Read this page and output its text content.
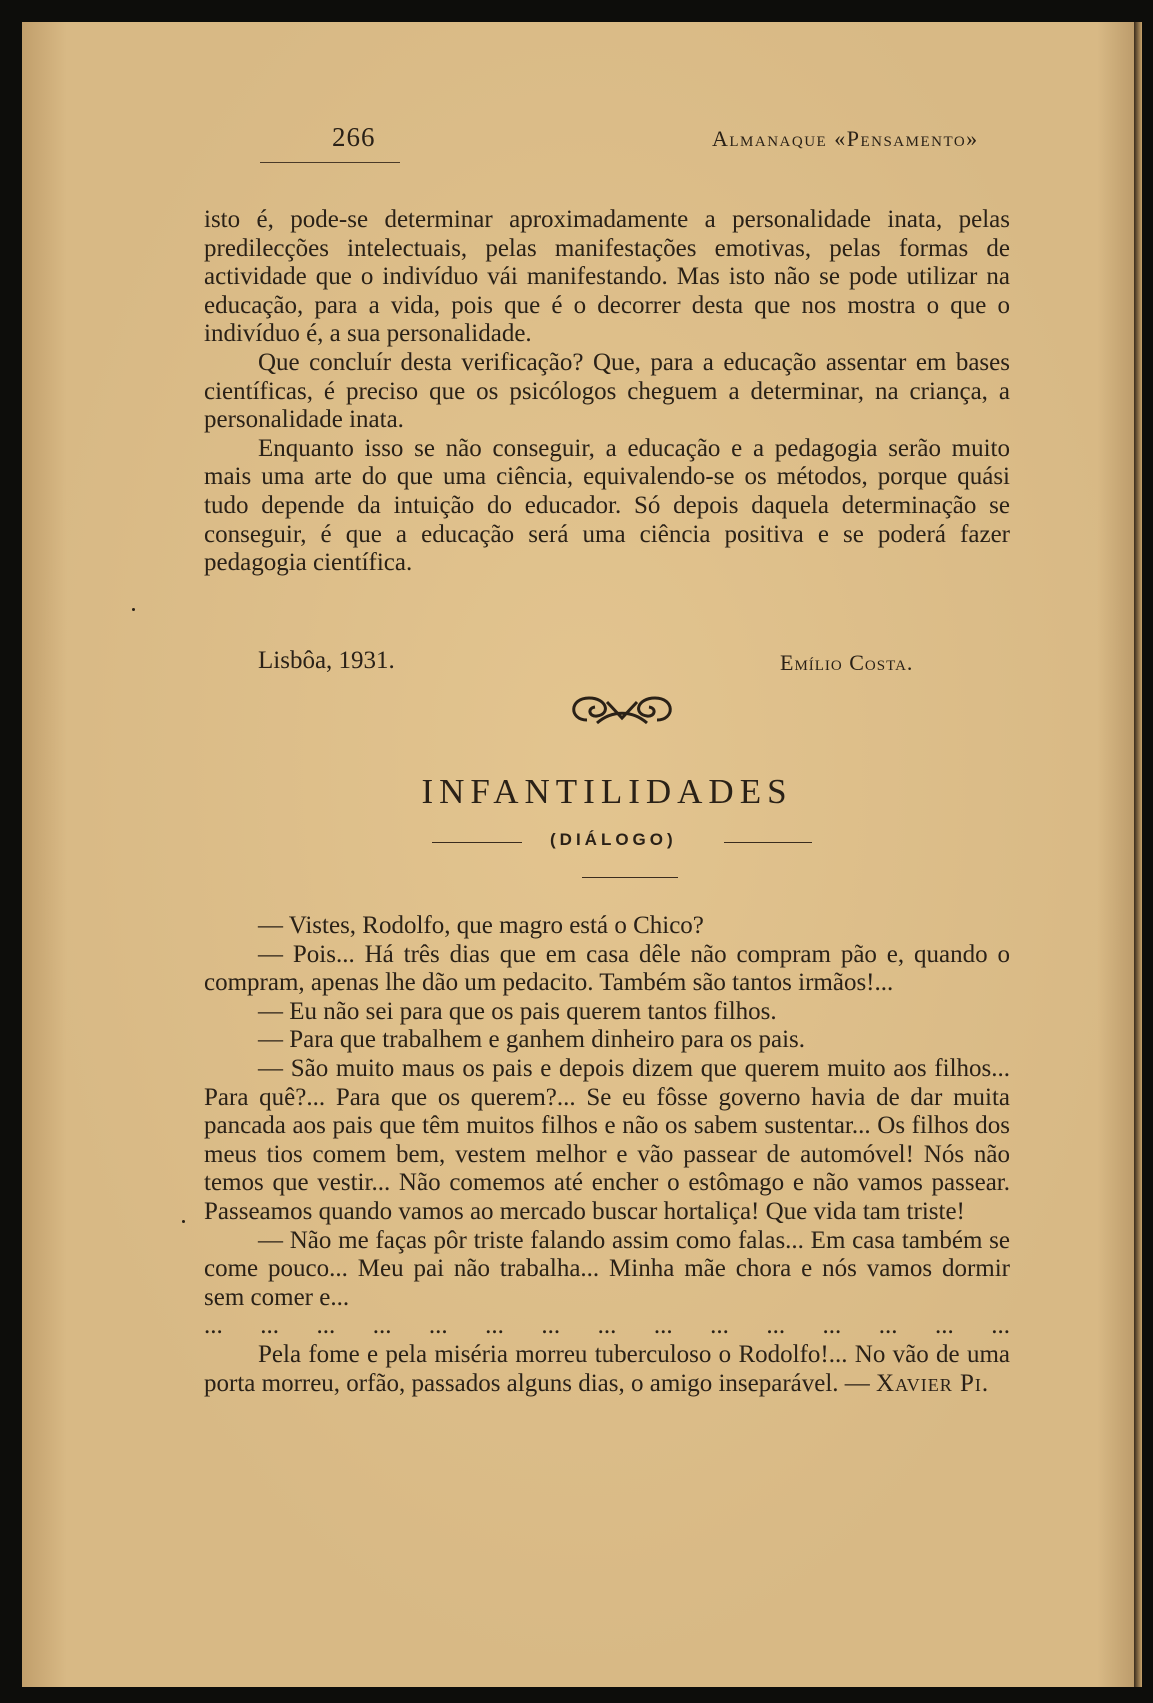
266	Almanaque «Pensamento»

isto é, pode-se determinar aproximadamente a personalidade inata, pelas predilecções intelectuais, pelas manifestações emotivas, pelas formas de actividade que o indivíduo vái manifestando. Mas isto não se pode utilizar na educação, para a vida, pois que é o decorrer desta que nos mostra o que o indivíduo é, a sua personalidade.

Que concluír desta verificação? Que, para a educação assentar em bases científicas, é preciso que os psicólogos cheguem a determinar, na criança, a personalidade inata.

Enquanto isso se não conseguir, a educação e a pedagogia serão muito mais uma arte do que uma ciência, equivalendo-se os métodos, porque quási tudo depende da intuição do educador. Só depois daquela determinação se conseguir, é que a educação será uma ciência positiva e se poderá fazer pedagogia científica.

Lisbôa, 1931.	Emílio Costa.
INFANTILIDADES
(DIÁLOGO)

— Vistes, Rodolfo, que magro está o Chico?

— Pois... Há três dias que em casa dêle não compram pão e, quando o compram, apenas lhe dão um pedacito. Também são tantos irmãos!...

— Eu não sei para que os pais querem tantos filhos.

— Para que trabalhem e ganhem dinheiro para os pais.

— São muito maus os pais e depois dizem que querem muito aos filhos... Para quê?... Para que os querem?... Se eu fôsse governo havia de dar muita pancada aos pais que têm muitos filhos e não os sabem sustentar... Os filhos dos meus tios comem bem, vestem melhor e vão passear de automóvel! Nós não temos que vestir... Não comemos até encher o estômago e não vamos passear. Passeamos quando vamos ao mercado buscar hortaliça! Que vida tam triste!

— Não me faças pôr triste falando assim como falas... Em casa também se come pouco... Meu pai não trabalha... Minha mãe chora e nós vamos dormir sem comer e...

... ... ... ... ... ... ... ... ... ... ... ... ... ... ...

Pela fome e pela miséria morreu tuberculoso o Rodolfo!... No vão de uma porta morreu, orfão, passados alguns dias, o amigo inseparável. — Xavier Pi.
